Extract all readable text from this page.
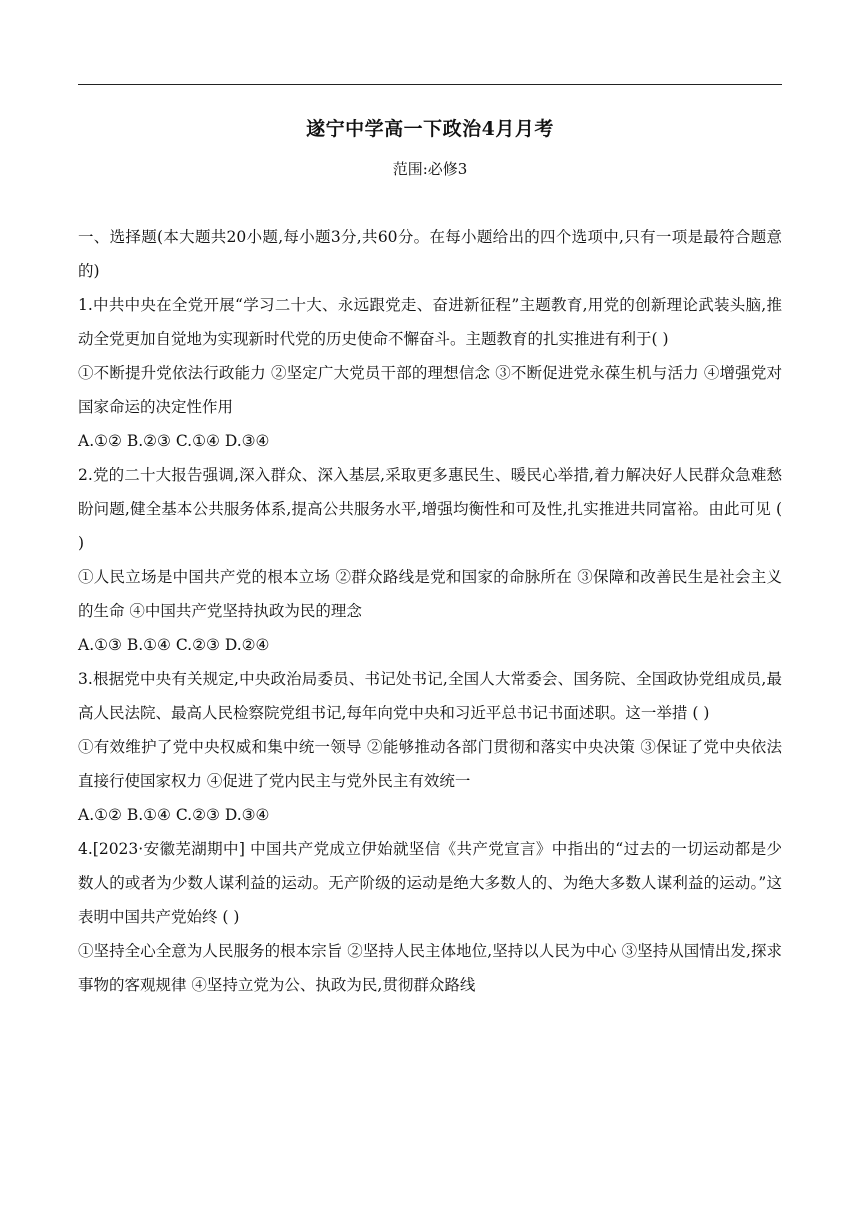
遂宁中学高一下政治4月月考
范围:必修3

一、选择题(本大题共20小题,每小题3分,共60分。在每小题给出的四个选项中,只有一项是最符合题意的)

1.中共中央在全党开展“学习二十大、永远跟党走、奋进新征程”主题教育,用党的创新理论武装头脑,推动全党更加自觉地为实现新时代党的历史使命不懈奋斗。主题教育的扎实推进有利于( )

①不断提升党依法行政能力 ②坚定广大党员干部的理想信念 ③不断促进党永葆生机与活力 ④增强党对国家命运的决定性作用

A.①② B.②③ C.①④ D.③④

2.党的二十大报告强调,深入群众、深入基层,采取更多惠民生、暖民心举措,着力解决好人民群众急难愁盼问题,健全基本公共服务体系,提高公共服务水平,增强均衡性和可及性,扎实推进共同富裕。由此可见 ( )

①人民立场是中国共产党的根本立场 ②群众路线是党和国家的命脉所在 ③保障和改善民生是社会主义的生命 ④中国共产党坚持执政为民的理念

A.①③ B.①④ C.②③ D.②④

3.根据党中央有关规定,中央政治局委员、书记处书记,全国人大常委会、国务院、全国政协党组成员,最高人民法院、最高人民检察院党组书记,每年向党中央和习近平总书记书面述职。这一举措 ( )

①有效维护了党中央权威和集中统一领导 ②能够推动各部门贯彻和落实中央决策 ③保证了党中央依法直接行使国家权力 ④促进了党内民主与党外民主有效统一

A.①② B.①④ C.②③ D.③④

4.[2023·安徽芜湖期中] 中国共产党成立伊始就坚信《共产党宣言》中指出的“过去的一切运动都是少数人的或者为少数人谋利益的运动。无产阶级的运动是绝大多数人的、为绝大多数人谋利益的运动。”这表明中国共产党始终 ( )

①坚持全心全意为人民服务的根本宗旨 ②坚持人民主体地位,坚持以人民为中心 ③坚持从国情出发,探求事物的客观规律 ④坚持立党为公、执政为民,贯彻群众路线
